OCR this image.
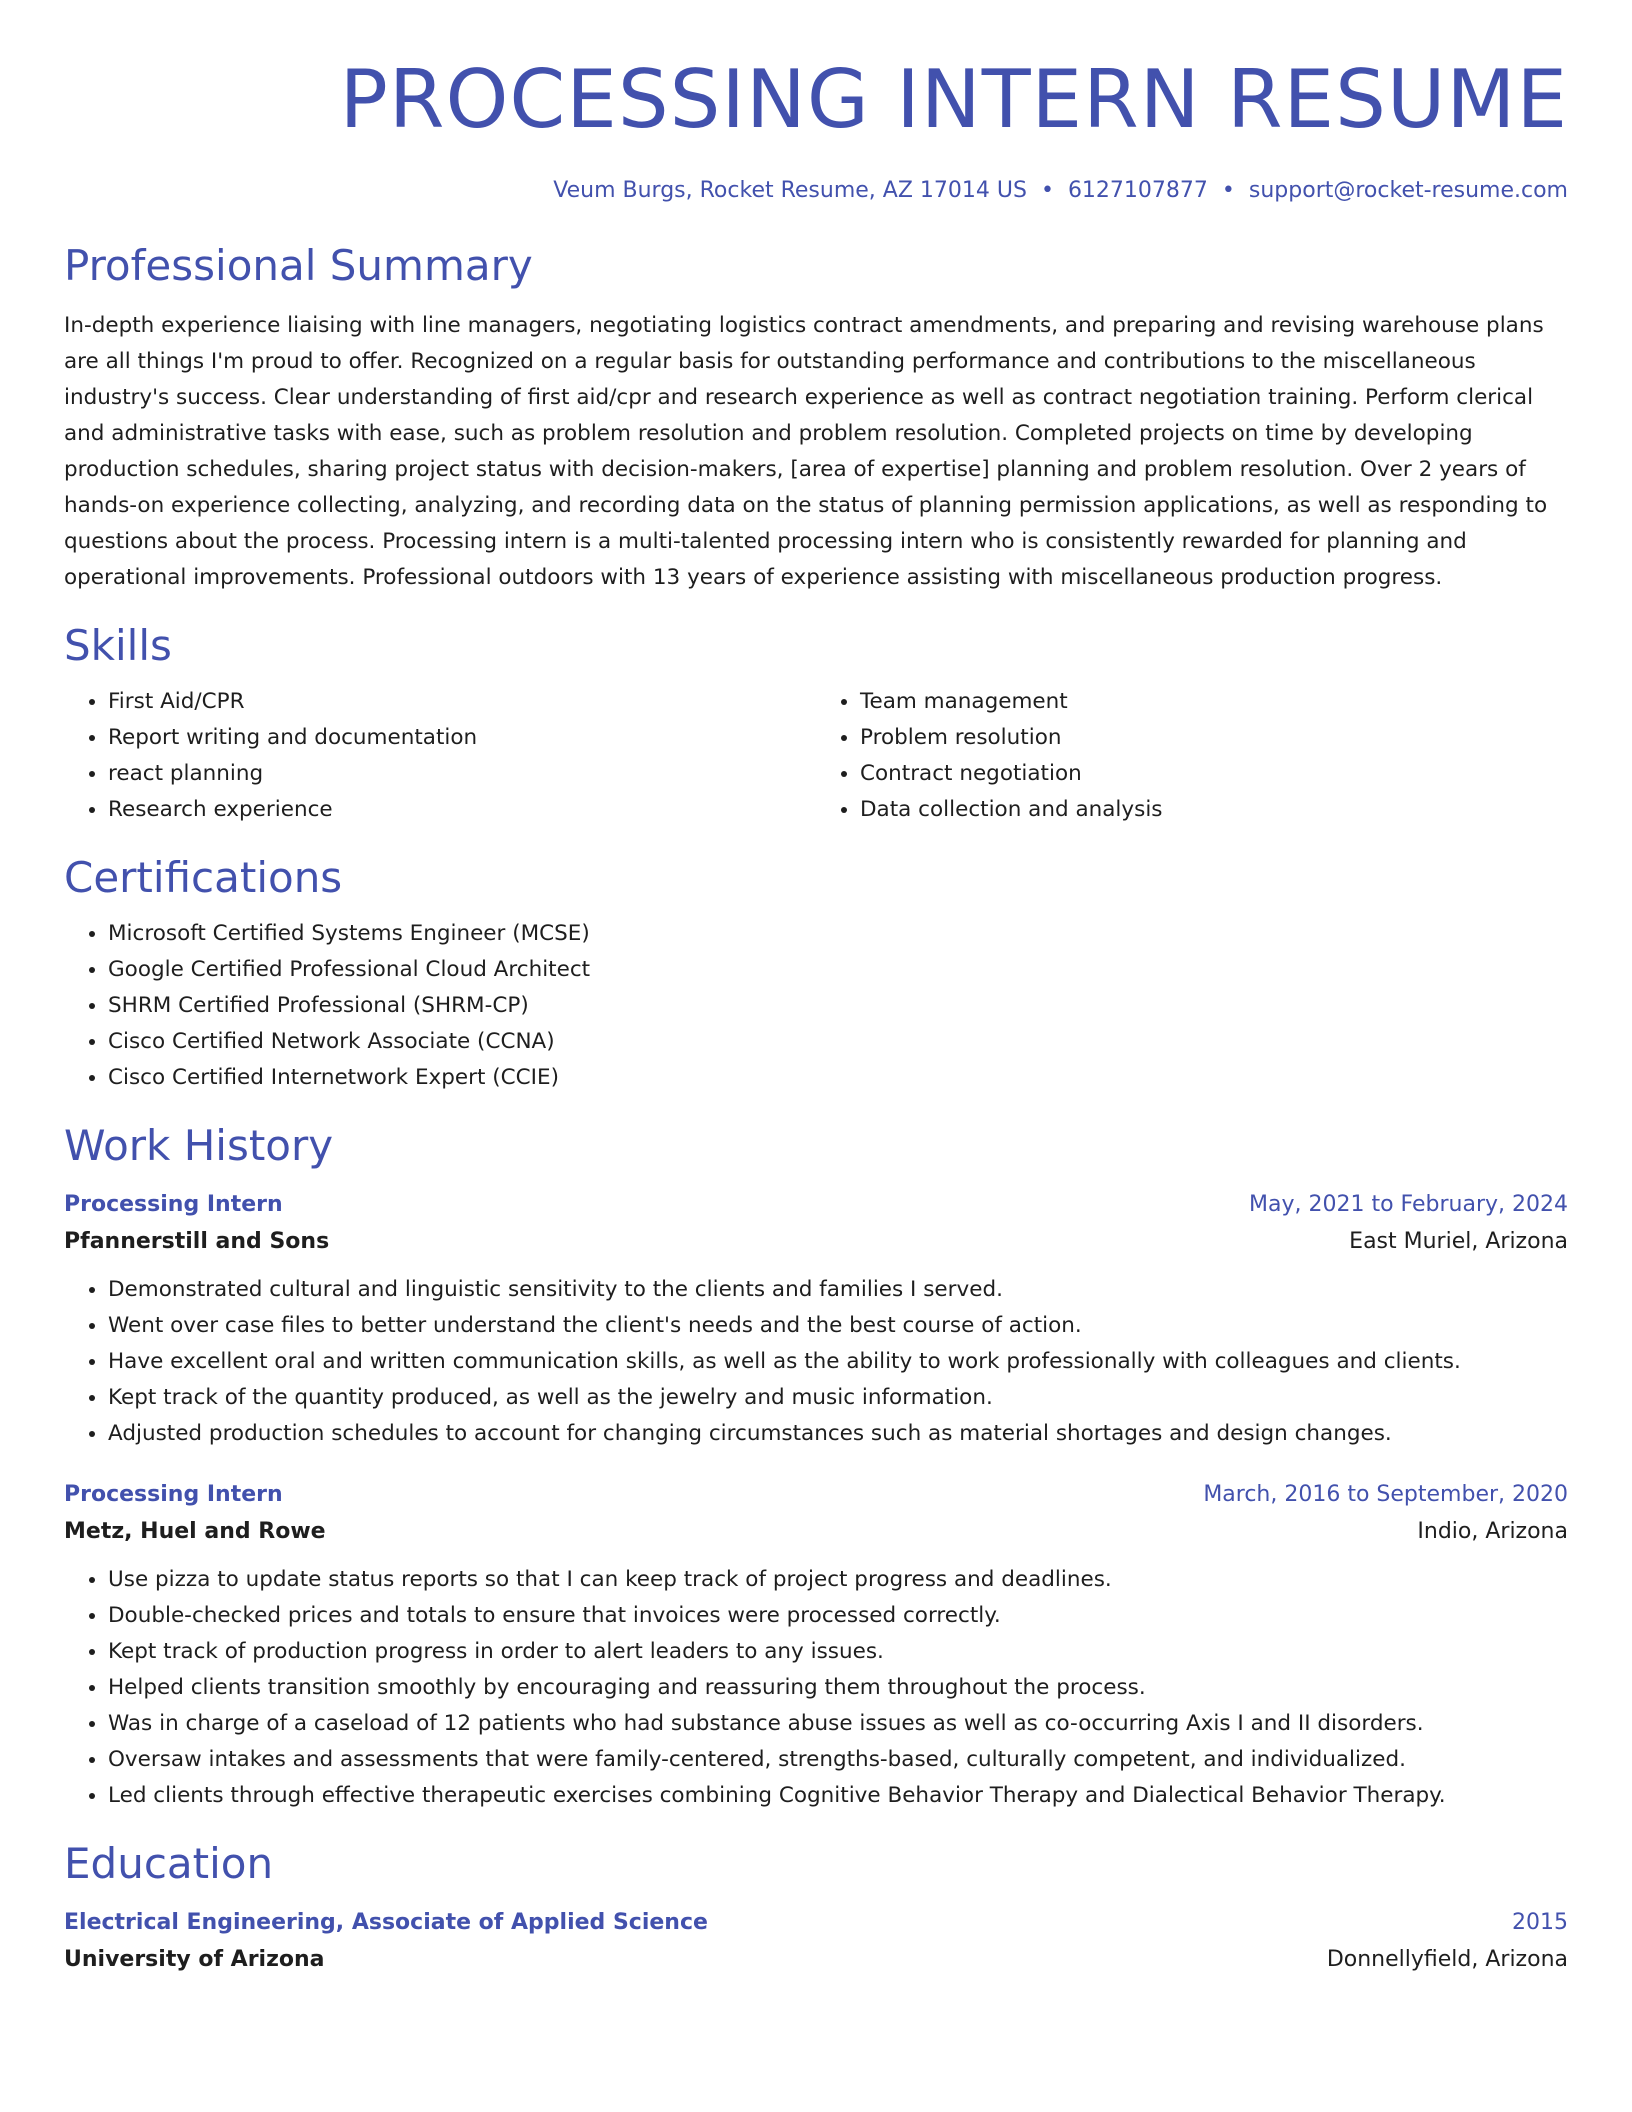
PROCESSING INTERN RESUME
Veum Burgs, Rocket Resume, AZ 17014 US • 6127107877 • support@rocket-resume.com
Professional Summary

In-depth experience liaising with line managers, negotiating logistics contract amendments, and preparing and revising warehouse plans are all things I'm proud to offer. Recognized on a regular basis for outstanding performance and contributions to the miscellaneous industry's success. Clear understanding of first aid/cpr and research experience as well as contract negotiation training. Perform clerical and administrative tasks with ease, such as problem resolution and problem resolution. Completed projects on time by developing production schedules, sharing project status with decision-makers, [area of expertise] planning and problem resolution. Over 2 years of hands-on experience collecting, analyzing, and recording data on the status of planning permission applications, as well as responding to questions about the process. Processing intern is a multi-talented processing intern who is consistently rewarded for planning and operational improvements. Professional outdoors with 13 years of experience assisting with miscellaneous production progress.

Skills
• First Aid/CPR
• Report writing and documentation
• react planning
• Research experience
• Team management
• Problem resolution
• Contract negotiation
• Data collection and analysis
Certifications
• Microsoft Certified Systems Engineer (MCSE)
• Google Certified Professional Cloud Architect
• SHRM Certified Professional (SHRM-CP)
• Cisco Certified Network Associate (CCNA)
• Cisco Certified Internetwork Expert (CCIE)
Work History
Processing Intern	May, 2021 to February, 2024
Pfannerstill and Sons	East Muriel, Arizona
• Demonstrated cultural and linguistic sensitivity to the clients and families I served.
• Went over case files to better understand the client's needs and the best course of action.
• Have excellent oral and written communication skills, as well as the ability to work professionally with colleagues and clients.
• Kept track of the quantity produced, as well as the jewelry and music information.
• Adjusted production schedules to account for changing circumstances such as material shortages and design changes.
Processing Intern	March, 2016 to September, 2020
Metz, Huel and Rowe	Indio, Arizona
• Use pizza to update status reports so that I can keep track of project progress and deadlines.
• Double-checked prices and totals to ensure that invoices were processed correctly.
• Kept track of production progress in order to alert leaders to any issues.
• Helped clients transition smoothly by encouraging and reassuring them throughout the process.
• Was in charge of a caseload of 12 patients who had substance abuse issues as well as co-occurring Axis I and II disorders.
• Oversaw intakes and assessments that were family-centered, strengths-based, culturally competent, and individualized.
• Led clients through effective therapeutic exercises combining Cognitive Behavior Therapy and Dialectical Behavior Therapy.
Education
Electrical Engineering, Associate of Applied Science	2015
University of Arizona	Donnellyfield, Arizona
